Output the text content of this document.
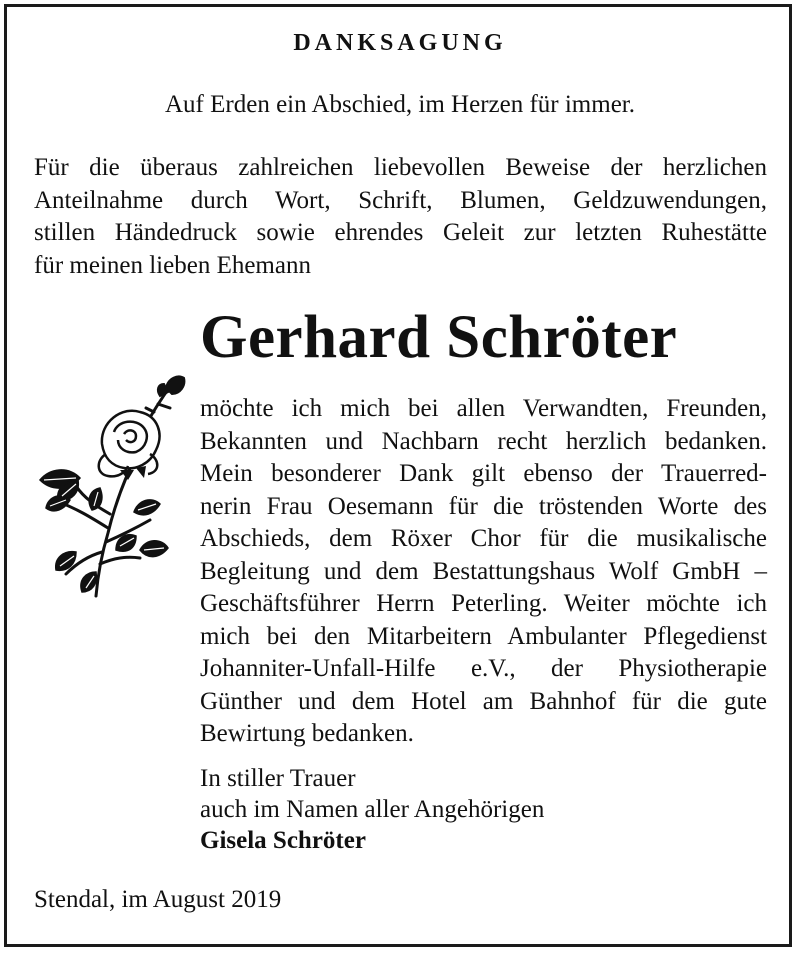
DANKSAGUNG
Auf Erden ein Abschied, im Herzen für immer.
Für die überaus zahlreichen liebevollen Beweise der herzlichen
Anteilnahme durch Wort, Schrift, Blumen, Geldzuwendungen,
stillen Händedruck sowie ehrendes Geleit zur letzten Ruhestätte
für meinen lieben Ehemann
Gerhard Schröter
möchte ich mich bei allen Verwandten, Freunden,
Bekannten und Nachbarn recht herzlich bedanken.
Mein besonderer Dank gilt ebenso der Trauerred-
nerin Frau Oesemann für die tröstenden Worte des
Abschieds, dem Röxer Chor für die musikalische
Begleitung und dem Bestattungshaus Wolf GmbH –
Geschäftsführer Herrn Peterling. Weiter möchte ich
mich bei den Mitarbeitern Ambulanter Pflegedienst
Johanniter-Unfall-Hilfe e.V., der Physiotherapie
Günther und dem Hotel am Bahnhof für die gute
Bewirtung bedanken.
In stiller Trauer
auch im Namen aller Angehörigen
Gisela Schröter
Stendal, im August 2019
